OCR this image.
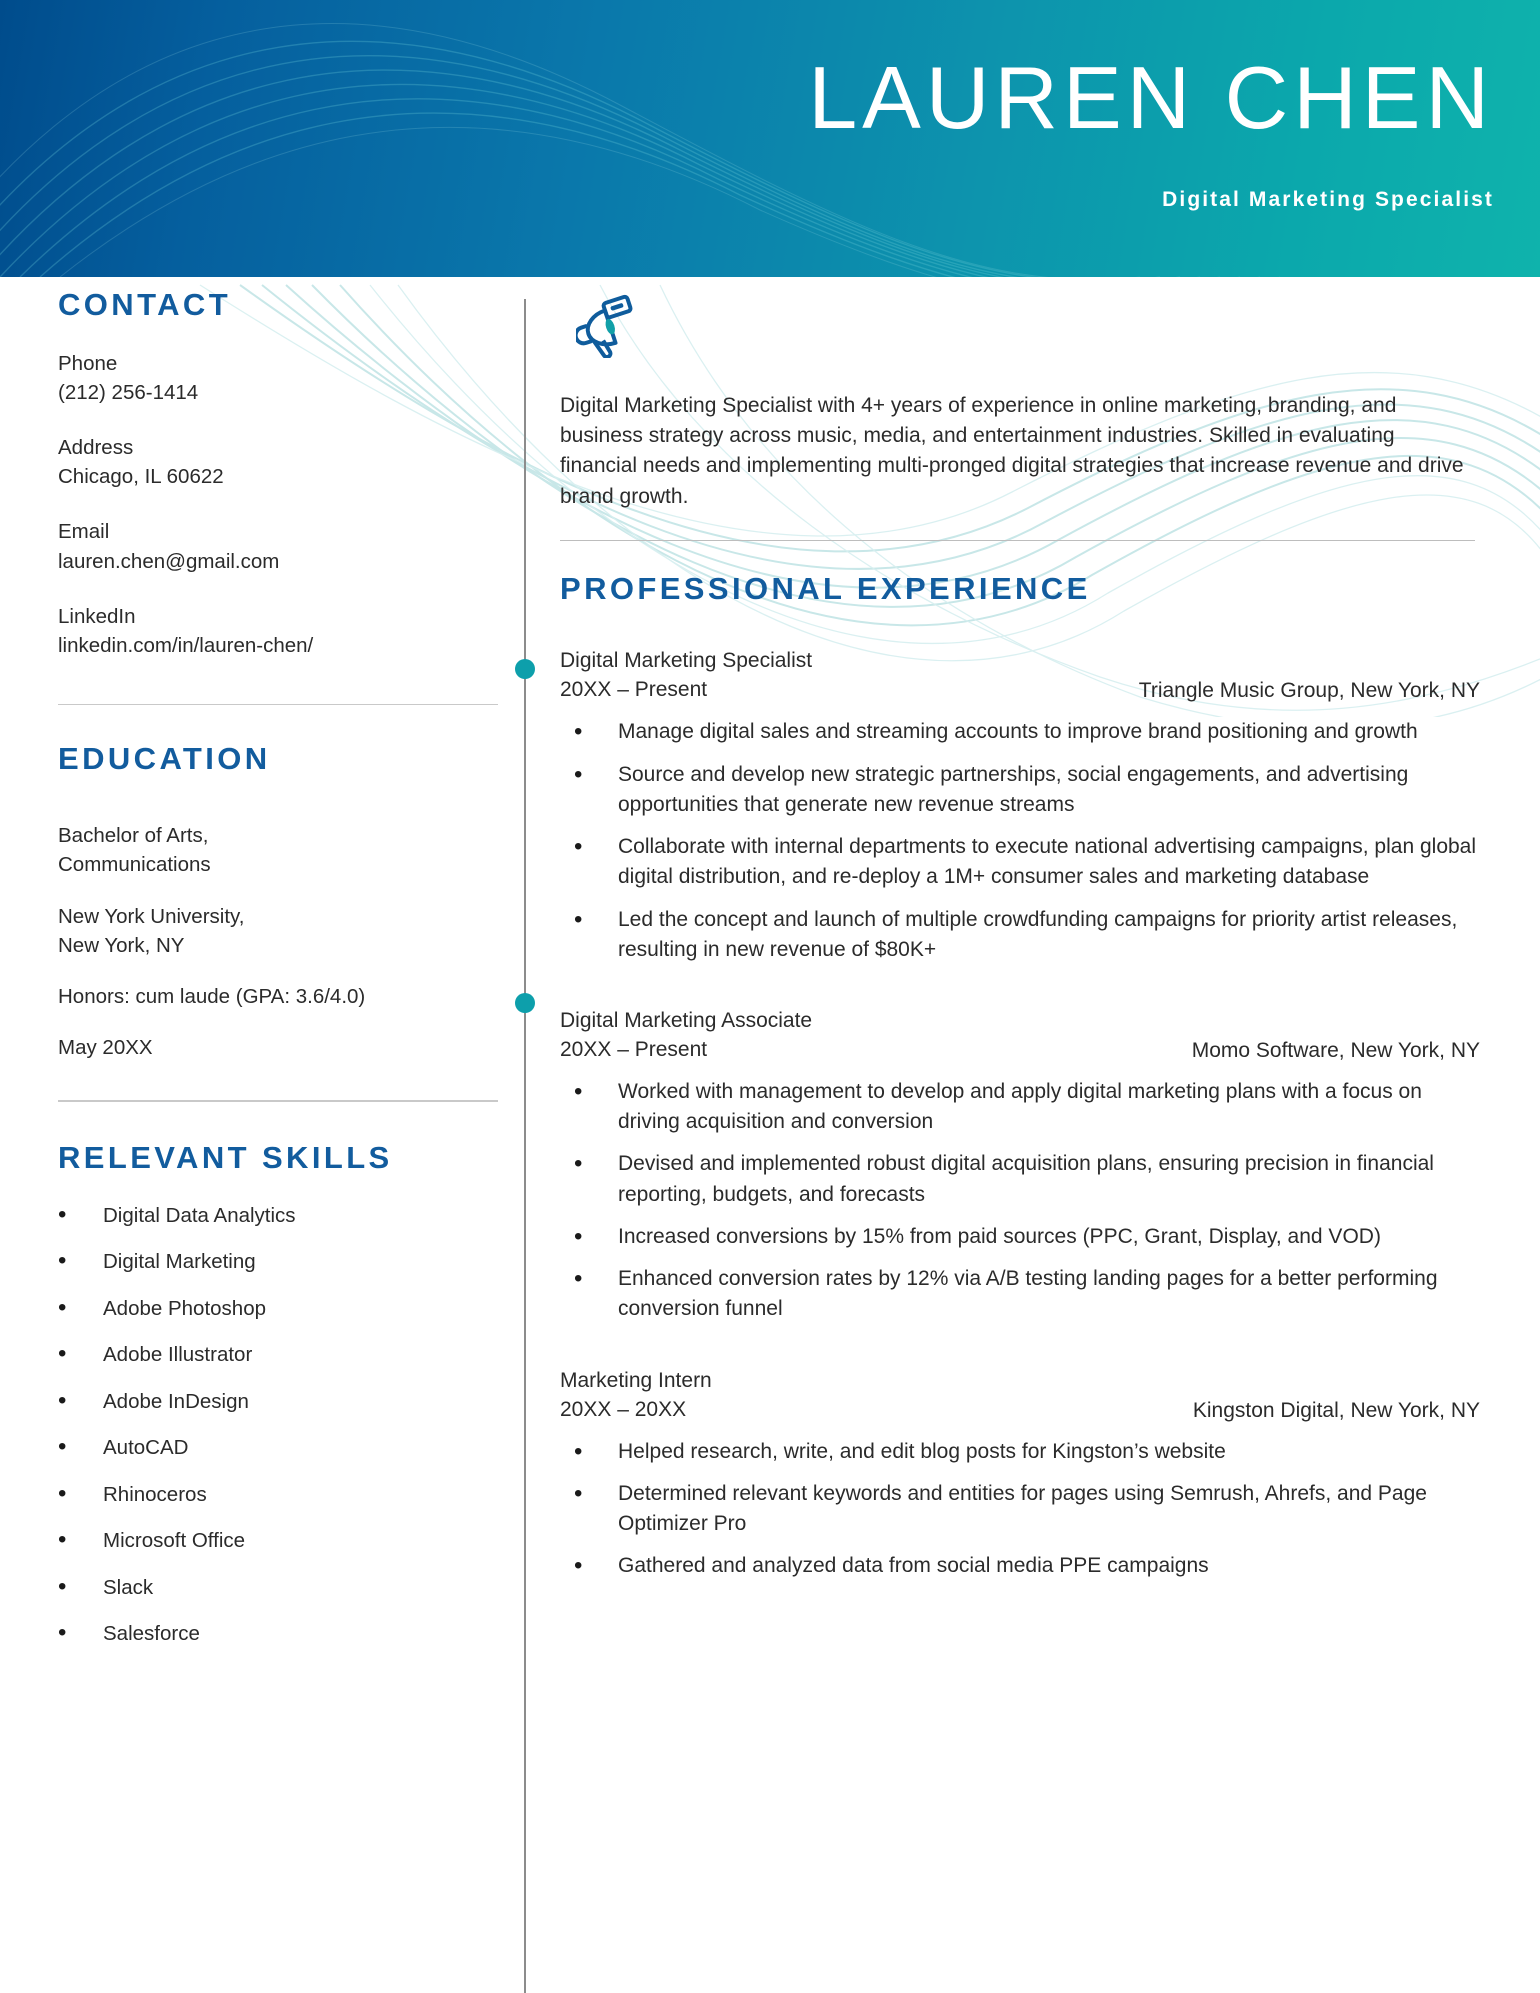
LAUREN CHEN
Digital Marketing Specialist
CONTACT
Phone
(212) 256-1414
Address
Chicago, IL 60622
Email
lauren.chen@gmail.com
LinkedIn
linkedin.com/in/lauren-chen/
EDUCATION
Bachelor of Arts,
Communications
New York University,
New York, NY
Honors: cum laude (GPA: 3.6/4.0)
May 20XX
RELEVANT SKILLS
• Digital Data Analytics
• Digital Marketing
• Adobe Photoshop
• Adobe Illustrator
• Adobe InDesign
• AutoCAD
• Rhinoceros
• Microsoft Office
• Slack
• Salesforce
Digital Marketing Specialist with 4+ years of experience in online marketing, branding, and business strategy across music, media, and entertainment industries. Skilled in evaluating financial needs and implementing multi-pronged digital strategies that increase revenue and drive brand growth.
PROFESSIONAL EXPERIENCE
Digital Marketing Specialist
20XX – Present	Triangle Music Group, New York, NY
• Manage digital sales and streaming accounts to improve brand positioning and growth
• Source and develop new strategic partnerships, social engagements, and advertising opportunities that generate new revenue streams
• Collaborate with internal departments to execute national advertising campaigns, plan global digital distribution, and re-deploy a 1M+ consumer sales and marketing database
• Led the concept and launch of multiple crowdfunding campaigns for priority artist releases, resulting in new revenue of $80K+
Digital Marketing Associate
20XX – Present	Momo Software, New York, NY
• Worked with management to develop and apply digital marketing plans with a focus on driving acquisition and conversion
• Devised and implemented robust digital acquisition plans, ensuring precision in financial reporting, budgets, and forecasts
• Increased conversions by 15% from paid sources (PPC, Grant, Display, and VOD)
• Enhanced conversion rates by 12% via A/B testing landing pages for a better performing conversion funnel
Marketing Intern
20XX – 20XX	Kingston Digital, New York, NY
• Helped research, write, and edit blog posts for Kingston’s website
• Determined relevant keywords and entities for pages using Semrush, Ahrefs, and Page Optimizer Pro
• Gathered and analyzed data from social media PPE campaigns
